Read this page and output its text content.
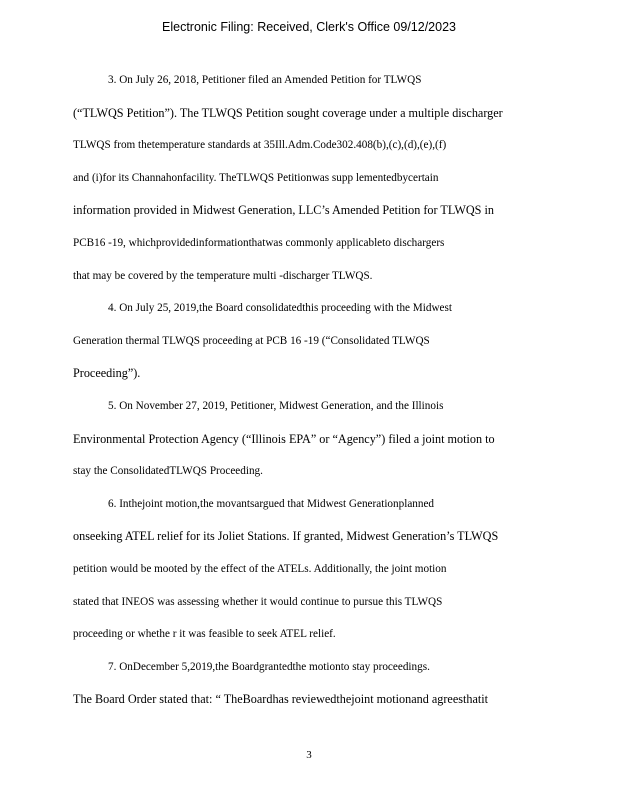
Electronic Filing: Received, Clerk's Office 09/12/2023
3. On July 26, 2018, Petitioner filed an Amended Petition for TLWQS
(“TLWQS Petition”). The TLWQS Petition sought coverage under a multiple discharger
TLWQS from thetemperature standards at 35Ill.Adm.Code302.408(b),(c),(d),(e),(f)
and (i)for its Channahonfacility. TheTLWQS Petitionwas supp lementedbycertain
information provided in Midwest Generation, LLC’s Amended Petition for TLWQS in
PCB16 -19, whichprovidedinformationthatwas commonly applicableto dischargers
that may be covered by the temperature multi -discharger TLWQS.
4. On July 25, 2019,the Board consolidatedthis proceeding with the Midwest
Generation thermal TLWQS proceeding at PCB 16 -19 (“Consolidated TLWQS
Proceeding”).
5. On November 27, 2019, Petitioner, Midwest Generation, and the Illinois
Environmental Protection Agency (“Illinois EPA” or “Agency”) filed a joint motion to
stay the ConsolidatedTLWQS Proceeding.
6. Inthejoint motion,the movantsargued that Midwest Generationplanned
onseeking ATEL relief for its Joliet Stations. If granted, Midwest Generation’s TLWQS
petition would be mooted by the effect of the ATELs. Additionally, the joint motion
stated that INEOS was assessing whether it would continue to pursue this TLWQS
proceeding or whethe r it was feasible to seek ATEL relief.
7. OnDecember 5,2019,the Boardgrantedthe motionto stay proceedings.
The Board Order stated that: “ TheBoardhas reviewedthejoint motionand agreesthatit
3
